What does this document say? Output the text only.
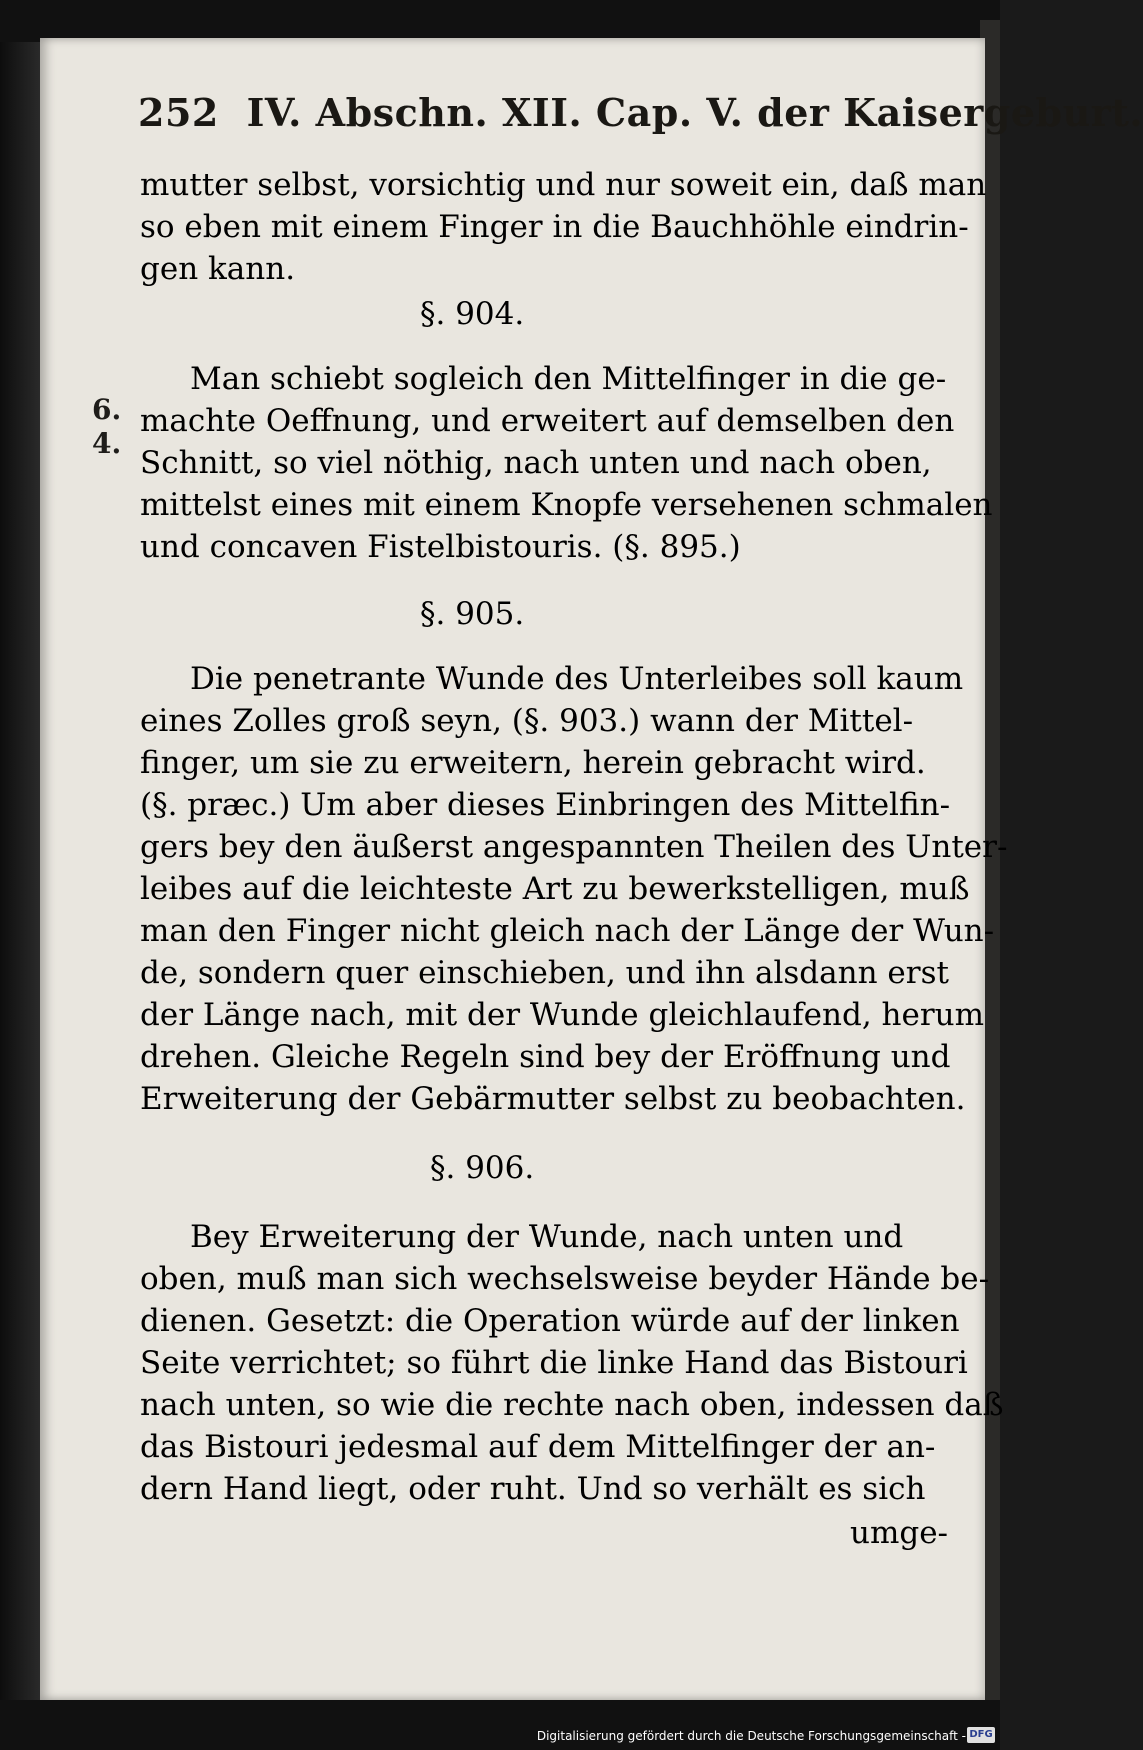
252 IV. Abschn. XII. Cap. V. der Kaisergeburt.
mutter selbst, vorsichtig und nur soweit ein, daß man
so eben mit einem Finger in die Bauchhöhle eindrin-
gen kann.
§. 904.
6.
4.
Man schiebt sogleich den Mittelfinger in die ge-
machte Oeffnung, und erweitert auf demselben den
Schnitt, so viel nöthig, nach unten und nach oben,
mittelst eines mit einem Knopfe versehenen schmalen
und concaven Fistelbistouris. (§. 895.)
§. 905.
Die penetrante Wunde des Unterleibes soll kaum
eines Zolles groß seyn, (§. 903.) wann der Mittel-
finger, um sie zu erweitern, herein gebracht wird.
(§. præc.) Um aber dieses Einbringen des Mittelfin-
gers bey den äußerst angespannten Theilen des Unter-
leibes auf die leichteste Art zu bewerkstelligen, muß
man den Finger nicht gleich nach der Länge der Wun-
de, sondern quer einschieben, und ihn alsdann erst
der Länge nach, mit der Wunde gleichlaufend, herum
drehen. Gleiche Regeln sind bey der Eröffnung und
Erweiterung der Gebärmutter selbst zu beobachten.
§. 906.
Bey Erweiterung der Wunde, nach unten und
oben, muß man sich wechselsweise beyder Hände be-
dienen. Gesetzt: die Operation würde auf der linken
Seite verrichtet; so führt die linke Hand das Bistouri
nach unten, so wie die rechte nach oben, indessen daß
das Bistouri jedesmal auf dem Mittelfinger der an-
dern Hand liegt, oder ruht. Und so verhält es sich
umge-
Digitalisierung gefördert durch die Deutsche Forschungsgemeinschaft - DFG
